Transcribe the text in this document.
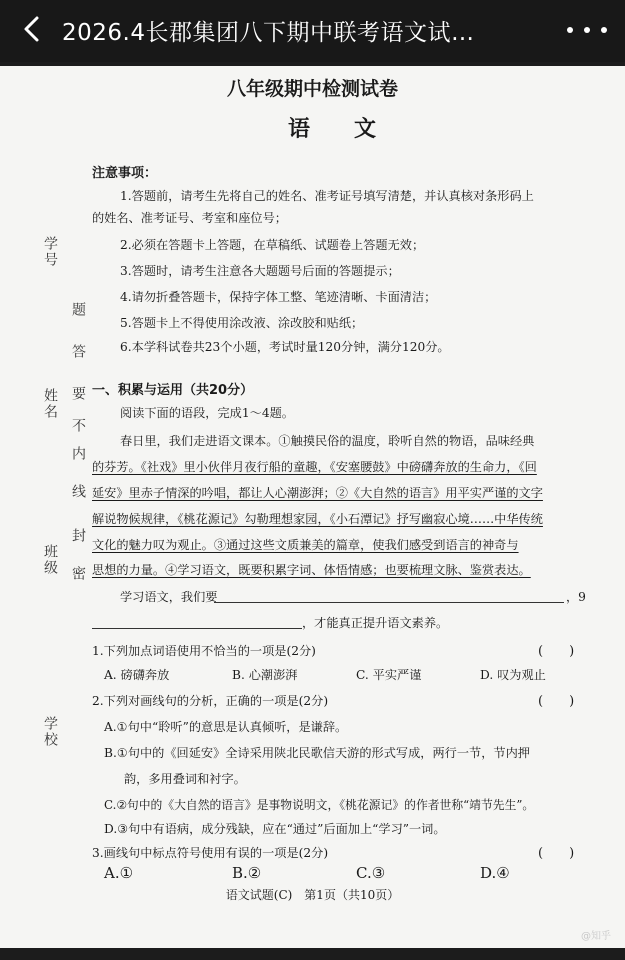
2026.4长郡集团八下期中联考语文试…
八年级期中检测试卷
语文
注意事项：
1.答题前，请考生先将自己的姓名、准考证号填写清楚，并认真核对条形码上
的姓名、准考证号、考室和座位号；
2.必须在答题卡上答题，在草稿纸、试题卷上答题无效；
3.答题时，请考生注意各大题题号后面的答题提示；
4.请勿折叠答题卡，保持字体工整、笔迹清晰、卡面清洁；
5.答题卡上不得使用涂改液、涂改胶和贴纸；
6.本学科试卷共23个小题，考试时量120分钟，满分120分。
学号
题
答
要
姓名
不
内
线
封
密
班级
学校
一、积累与运用（共20分）
阅读下面的语段，完成1～4题。
春日里，我们走进语文课本。①触摸民俗的温度，聆听自然的物语，品味经典
的芬芳。《社戏》里小伙伴月夜行船的童趣，《安塞腰鼓》中磅礴奔放的生命力，《回
延安》里赤子情深的吟唱，都让人心潮澎湃；②《大自然的语言》用平实严谨的文字
解说物候规律，《桃花源记》勾勒理想家园，《小石潭记》抒写幽寂心境……中华传统
文化的魅力叹为观止。③通过这些文质兼美的篇章，使我们感受到语言的神奇与
思想的力量。④学习语文，既要积累字词、体悟情感；也要梳理文脉、鉴赏表达。
学习语文，我们要	，9
，才能真正提升语文素养。
1.下列加点词语使用不恰当的一项是(2分)	(　　)
A. 磅礴奔放	B. 心潮澎湃	C. 平实严谨	D. 叹为观止
2.下列对画线句的分析，正确的一项是(2分)	(　　)
A.①句中“聆听”的意思是认真倾听，是谦辞。
B.①句中的《回延安》全诗采用陕北民歌信天游的形式写成，两行一节，节内押
韵，多用叠词和衬字。
C.②句中的《大自然的语言》是事物说明文，《桃花源记》的作者世称“靖节先生”。
D.③句中有语病，成分残缺，应在“通过”后面加上“学习”一词。
3.画线句中标点符号使用有误的一项是(2分)	(　　)
A.①	B.②	C.③	D.④
语文试题(C)　第1页（共10页）
@知乎
